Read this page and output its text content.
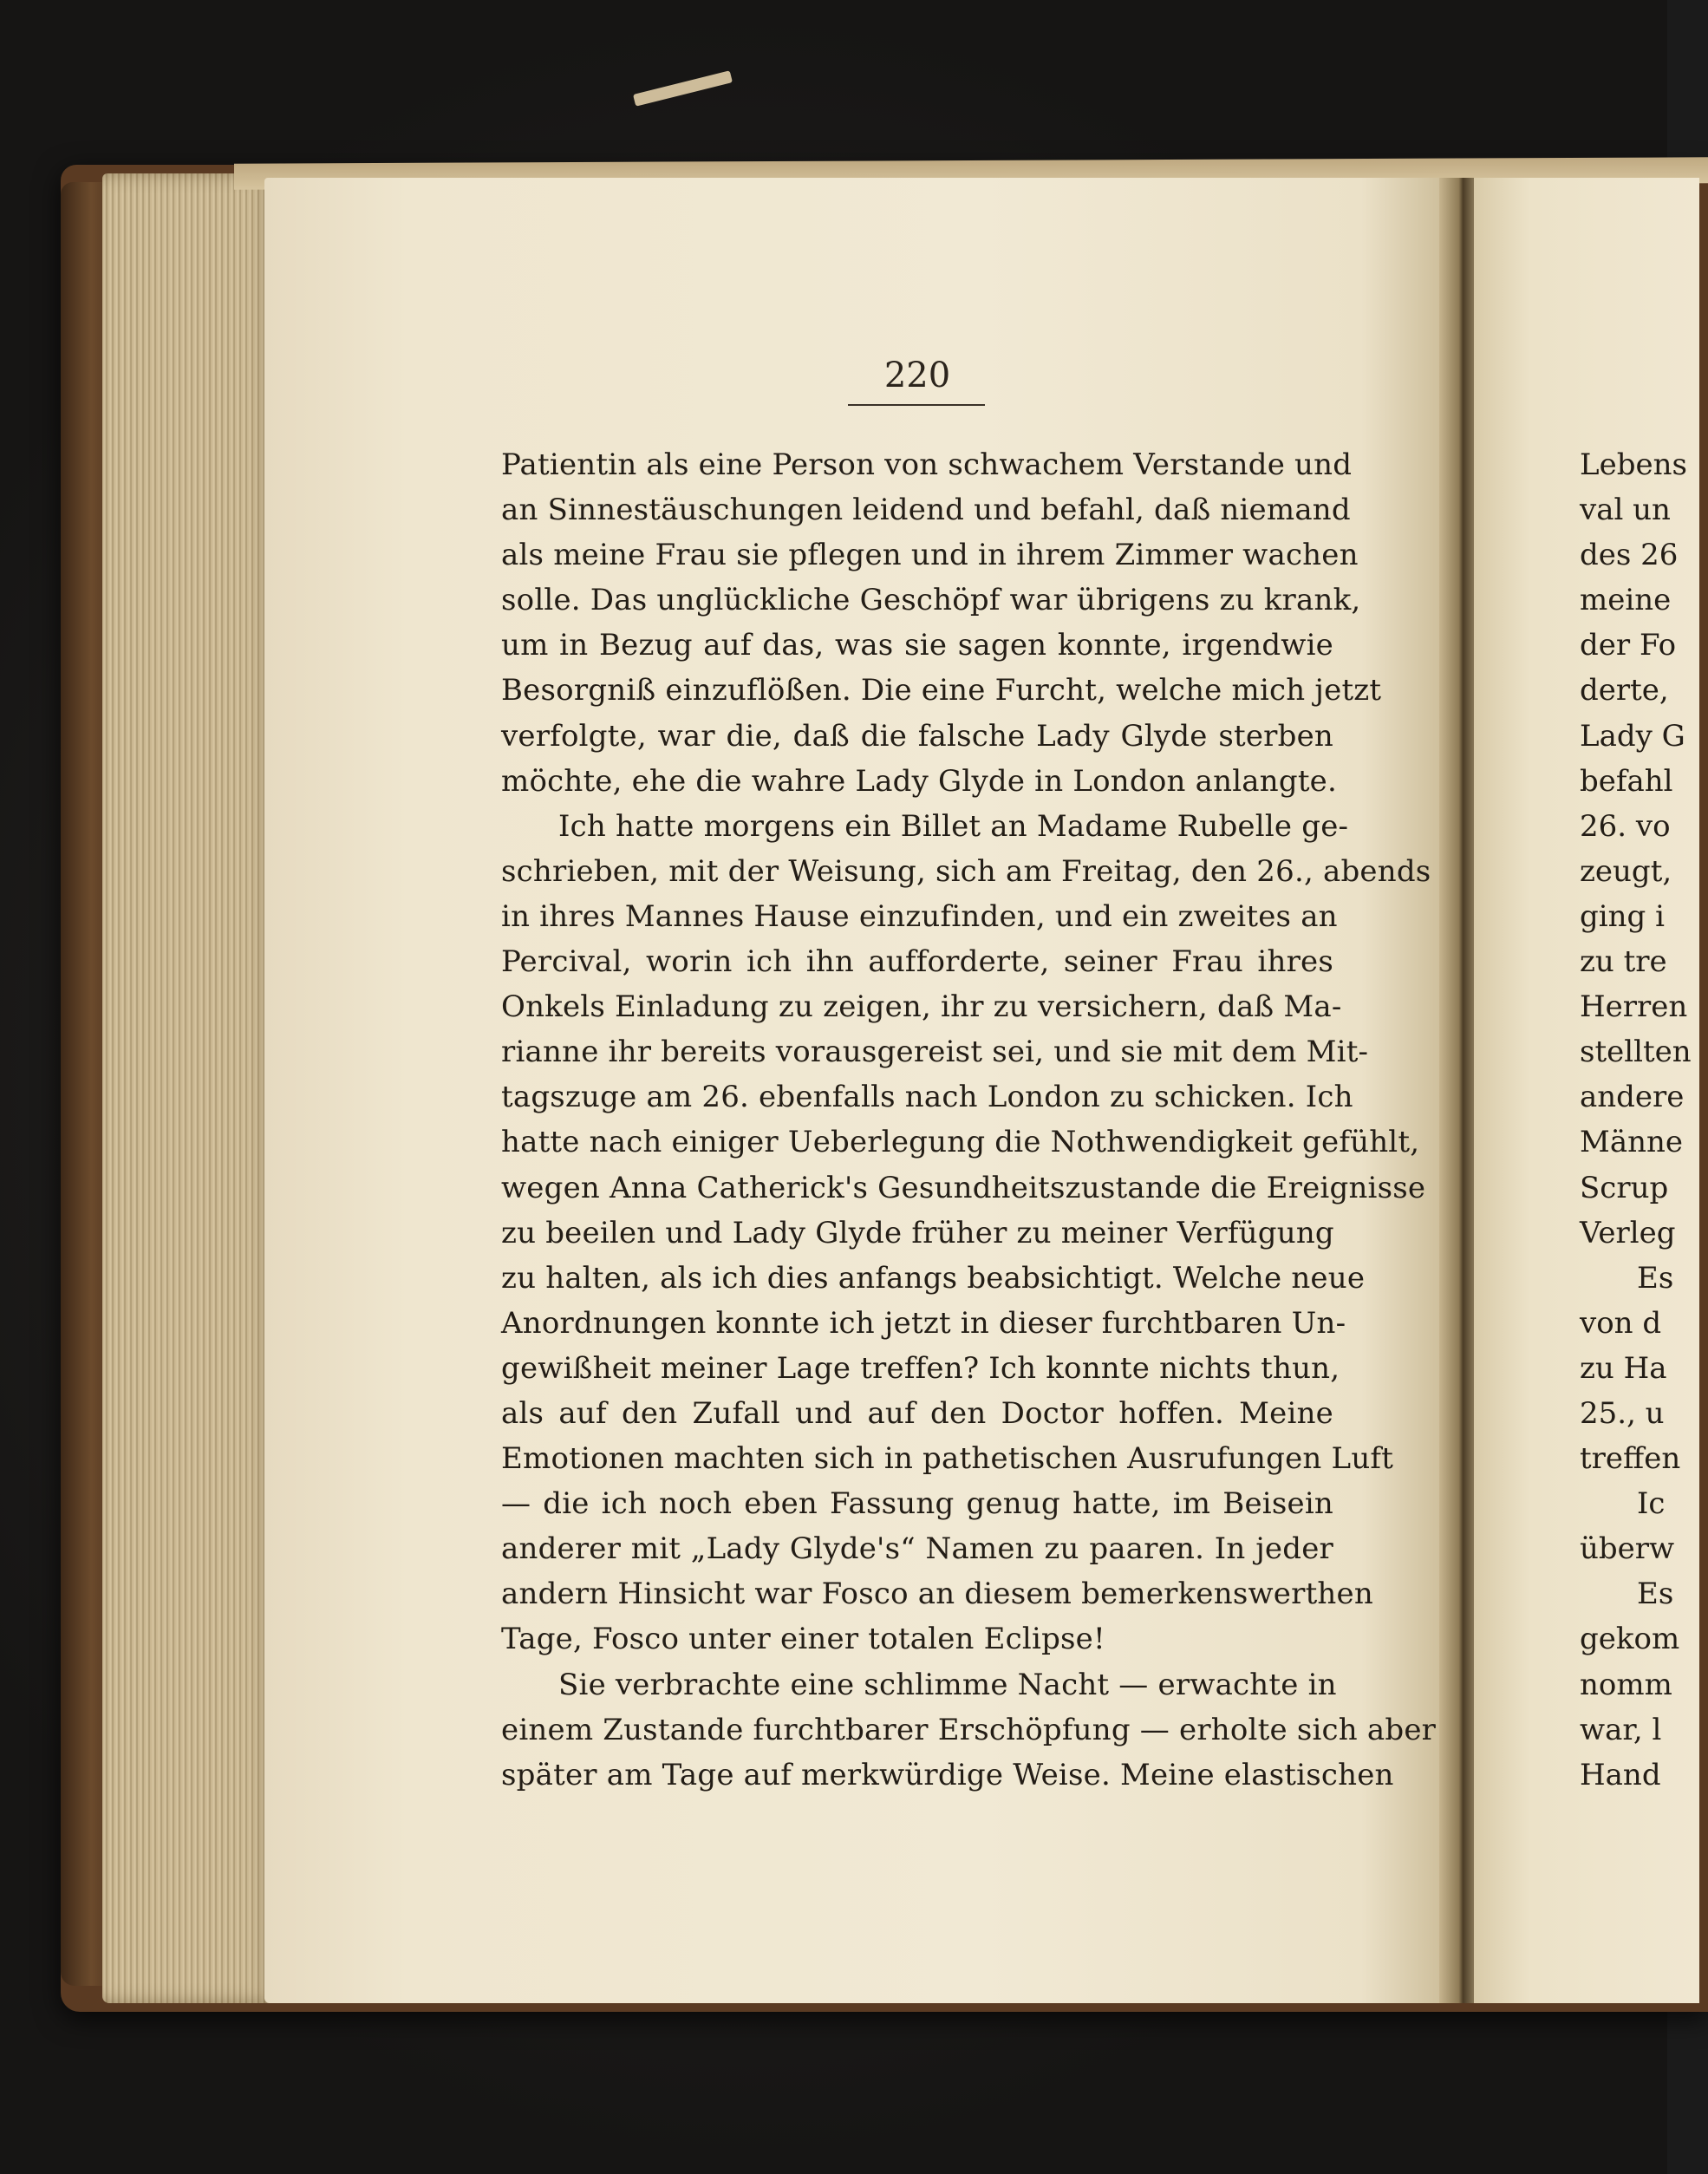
220
Patientin als eine Person von schwachem Verstande und
an Sinnestäuschungen leidend und befahl, daß niemand
als meine Frau sie pflegen und in ihrem Zimmer wachen
solle. Das unglückliche Geschöpf war übrigens zu krank,
um in Bezug auf das, was sie sagen konnte, irgendwie
Besorgniß einzuflößen. Die eine Furcht, welche mich jetzt
verfolgte, war die, daß die falsche Lady Glyde sterben
möchte, ehe die wahre Lady Glyde in London anlangte.
Ich hatte morgens ein Billet an Madame Rubelle ge-
schrieben, mit der Weisung, sich am Freitag, den 26., abends
in ihres Mannes Hause einzufinden, und ein zweites an
Percival, worin ich ihn aufforderte, seiner Frau ihres
Onkels Einladung zu zeigen, ihr zu versichern, daß Ma-
rianne ihr bereits vorausgereist sei, und sie mit dem Mit-
tagszuge am 26. ebenfalls nach London zu schicken. Ich
hatte nach einiger Ueberlegung die Nothwendigkeit gefühlt,
wegen Anna Catherick's Gesundheitszustande die Ereignisse
zu beeilen und Lady Glyde früher zu meiner Verfügung
zu halten, als ich dies anfangs beabsichtigt. Welche neue
Anordnungen konnte ich jetzt in dieser furchtbaren Un-
gewißheit meiner Lage treffen? Ich konnte nichts thun,
als auf den Zufall und auf den Doctor hoffen. Meine
Emotionen machten sich in pathetischen Ausrufungen Luft
— die ich noch eben Fassung genug hatte, im Beisein
anderer mit „Lady Glyde's“ Namen zu paaren. In jeder
andern Hinsicht war Fosco an diesem bemerkenswerthen
Tage, Fosco unter einer totalen Eclipse!
Sie verbrachte eine schlimme Nacht — erwachte in
einem Zustande furchtbarer Erschöpfung — erholte sich aber
später am Tage auf merkwürdige Weise. Meine elastischen
Lebens
val un
des 26
meine
der Fo
derte,
Lady G
befahl
26. vo
zeugt,
ging i
zu tre
Herren
stellten
andere
Männe
Scrup
Verleg
Es
von d
zu Ha
25., u
treffen
Ic
überw
Es
gekom
nomm
war, l
Hand
